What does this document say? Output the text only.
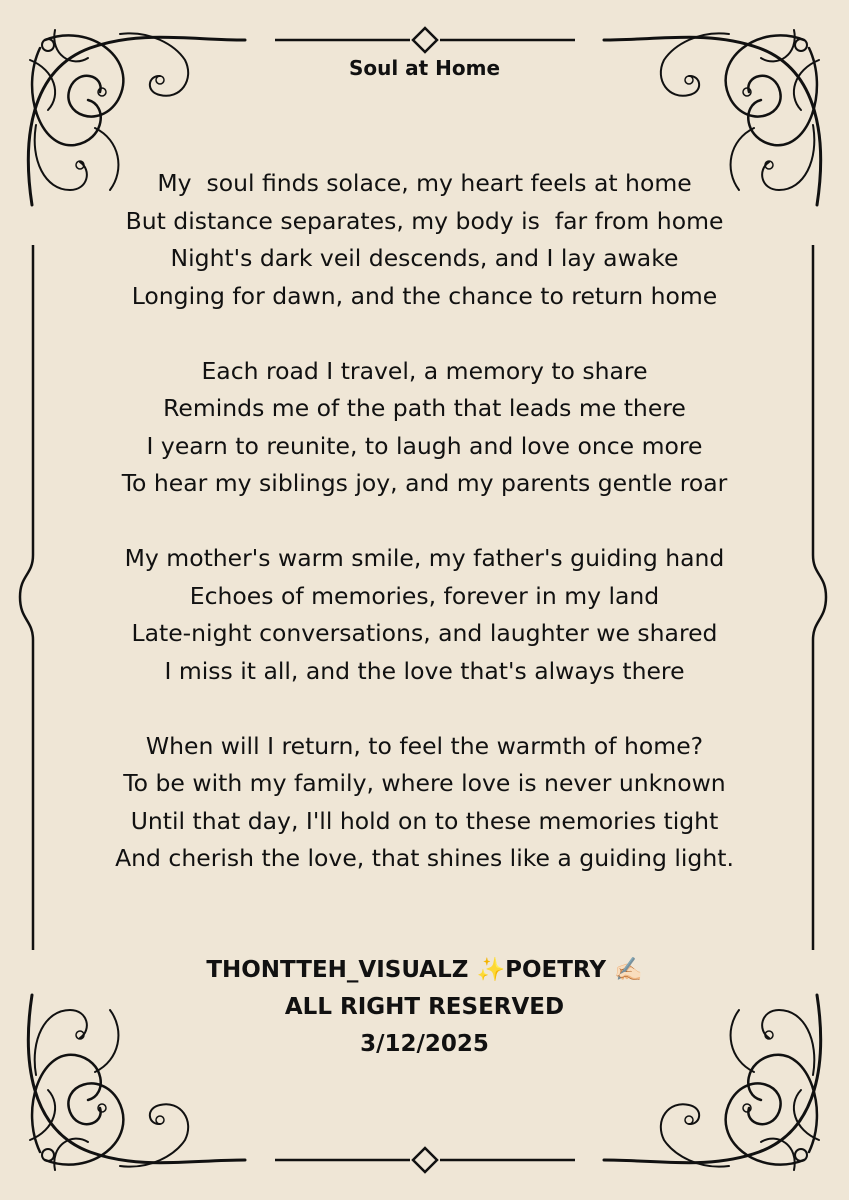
Soul at Home
My  soul finds solace, my heart feels at home
But distance separates, my body is  far from home
Night's dark veil descends, and I lay awake
Longing for dawn, and the chance to return home
Each road I travel, a memory to share
Reminds me of the path that leads me there
I yearn to reunite, to laugh and love once more
To hear my siblings joy, and my parents gentle roar
My mother's warm smile, my father's guiding hand
Echoes of memories, forever in my land
Late-night conversations, and laughter we shared
I miss it all, and the love that's always there
When will I return, to feel the warmth of home?
To be with my family, where love is never unknown
Until that day, I'll hold on to these memories tight
And cherish the love, that shines like a guiding light.
THONTTEH_VISUALZ ✨POETRY ✍🏻
ALL RIGHT RESERVED
3/12/2025
